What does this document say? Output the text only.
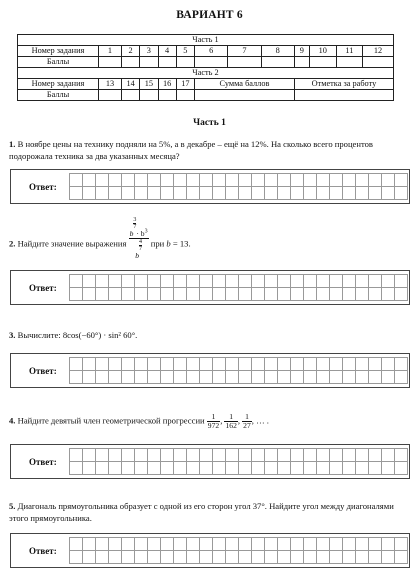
ВАРИАНТ 6
Часть 1												
Номер задания	1	2	3	4	5	6	7	8	9	10	11	12
Баллы												
Часть 2												
Номер задания	13	14	15	16	17	Сумма баллов			Отметка за работу			
Баллы												
Часть 1
1. В ноябре цены на технику подняли на 5%, а в декабре – ещё на 12%. На сколько всего процентов подорожала техника за два указанных месяца?
Ответ:
2. Найдите значение выражения b
$^{\frac{3}{7}}$
· $b^3$
b
$^{\frac{4}{7}}$ при b = 13.
Ответ:
3. Вычислите: 8cos(−60°) · sin² 60°.
Ответ:
4. Найдите девятый член геометрической прогрессии $\frac{1}{972}$ , $\frac{1}{162}$ , $\frac{1}{27}$ , … .
Ответ:
5. Диагональ прямоугольника образует с одной из его сторон угол 37°. Найдите угол между диагоналями этого прямоугольника.
Ответ:
